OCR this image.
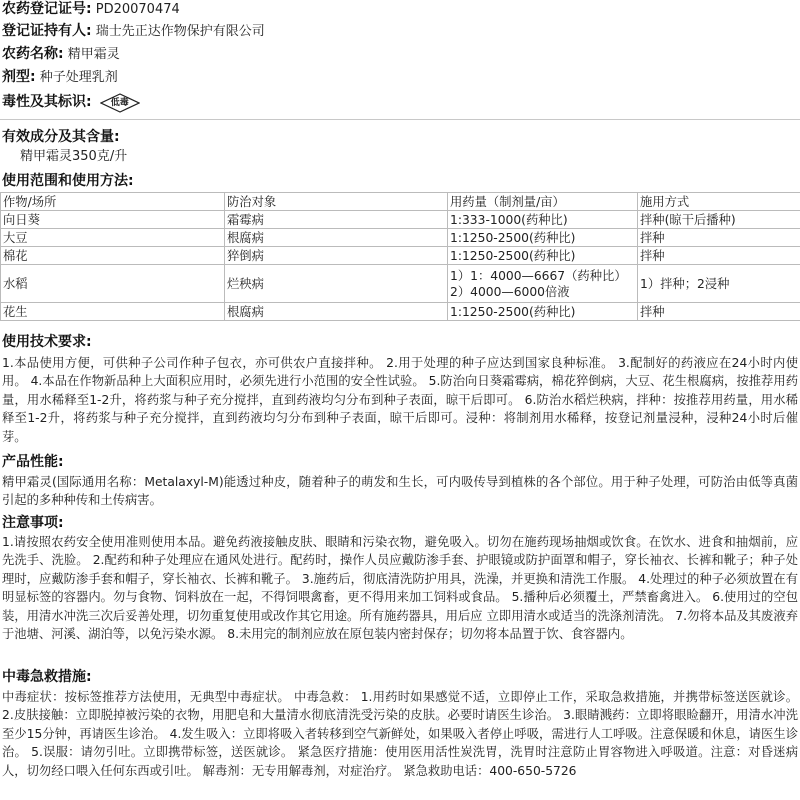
农药登记证号: PD20070474
登记证持有人: 瑞士先正达作物保护有限公司
农药名称: 精甲霜灵
剂型: 种子处理乳剂
毒性及其标识:	低毒
有效成分及其含量:
精甲霜灵350克/升
使用范围和使用方法:
作物/场所	防治对象	用药量（制剂量/亩）	施用方式
向日葵	霜霉病	1:333-1000(药种比)	拌种(晾干后播种)
大豆	根腐病	1:1250-2500(药种比)	拌种
棉花	猝倒病	1:1250-2500(药种比)	拌种
水稻	烂秧病	1）1：4000—6667（药种比）2）4000—6000倍液	1）拌种；2浸种
花生	根腐病	1:1250-2500(药种比)	拌种
使用技术要求:

1.本品使用方便，可供种子公司作种子包衣，亦可供农户直接拌种。 2.用于处理的种子应达到国家良种标准。 3.配制好的药液应在24小时内使用。 4.本品在作物新品种上大面积应用时，必须先进行小范围的安全性试验。 5.防治向日葵霜霉病，棉花猝倒病，大豆、花生根腐病，按推荐用药量，用水稀释至1-2升，将药浆与种子充分搅拌，直到药液均匀分布到种子表面，晾干后即可。 6.防治水稻烂秧病，拌种：按推荐用药量，用水稀释至1-2升，将药浆与种子充分搅拌，直到药液均匀分布到种子表面，晾干后即可。浸种：将制剂用水稀释，按登记剂量浸种，浸种24小时后催芽。

产品性能:

精甲霜灵(国际通用名称：Metalaxyl-M)能透过种皮，随着种子的萌发和生长，可内吸传导到植株的各个部位。用于种子处理，可防治由低等真菌引起的多种种传和土传病害。

注意事项:

1.请按照农药安全使用准则使用本品。避免药液接触皮肤、眼睛和污染衣物，避免吸入。切勿在施药现场抽烟或饮食。在饮水、进食和抽烟前，应先洗手、洗脸。 2.配药和种子处理应在通风处进行。配药时，操作人员应戴防渗手套、护眼镜或防护面罩和帽子，穿长袖衣、长裤和靴子；种子处理时，应戴防渗手套和帽子，穿长袖衣、长裤和靴子。 3.施药后，彻底清洗防护用具，洗澡，并更换和清洗工作服。 4.处理过的种子必须放置在有明显标签的容器内。勿与食物、饲料放在一起，不得饲喂禽畜，更不得用来加工饲料或食品。 5.播种后必须覆土，严禁畜禽进入。 6.使用过的空包装，用清水冲洗三次后妥善处理，切勿重复使用或改作其它用途。所有施药器具，用后应 立即用清水或适当的洗涤剂清洗。 7.勿将本品及其废液弃于池塘、河溪、湖泊等，以免污染水源。 8.未用完的制剂应放在原包装内密封保存；切勿将本品置于饮、食容器内。

中毒急救措施:

中毒症状：按标签推荐方法使用，无典型中毒症状。 中毒急救： 1.用药时如果感觉不适，立即停止工作，采取急救措施，并携带标签送医就诊。 2.皮肤接触：立即脱掉被污染的衣物，用肥皂和大量清水彻底清洗受污染的皮肤。必要时请医生诊治。 3.眼睛溅药：立即将眼睑翻开，用清水冲洗至少15分钟，再请医生诊治。 4.发生吸入：立即将吸入者转移到空气新鲜处，如果吸入者停止呼吸，需进行人工呼吸。注意保暖和休息，请医生诊治。 5.误服：请勿引吐。立即携带标签，送医就诊。 紧急医疗措施：使用医用活性炭洗胃，洗胃时注意防止胃容物进入呼吸道。注意：对昏迷病人，切勿经口喂入任何东西或引吐。 解毒剂：无专用解毒剂，对症治疗。 紧急救助电话：400-650-5726
